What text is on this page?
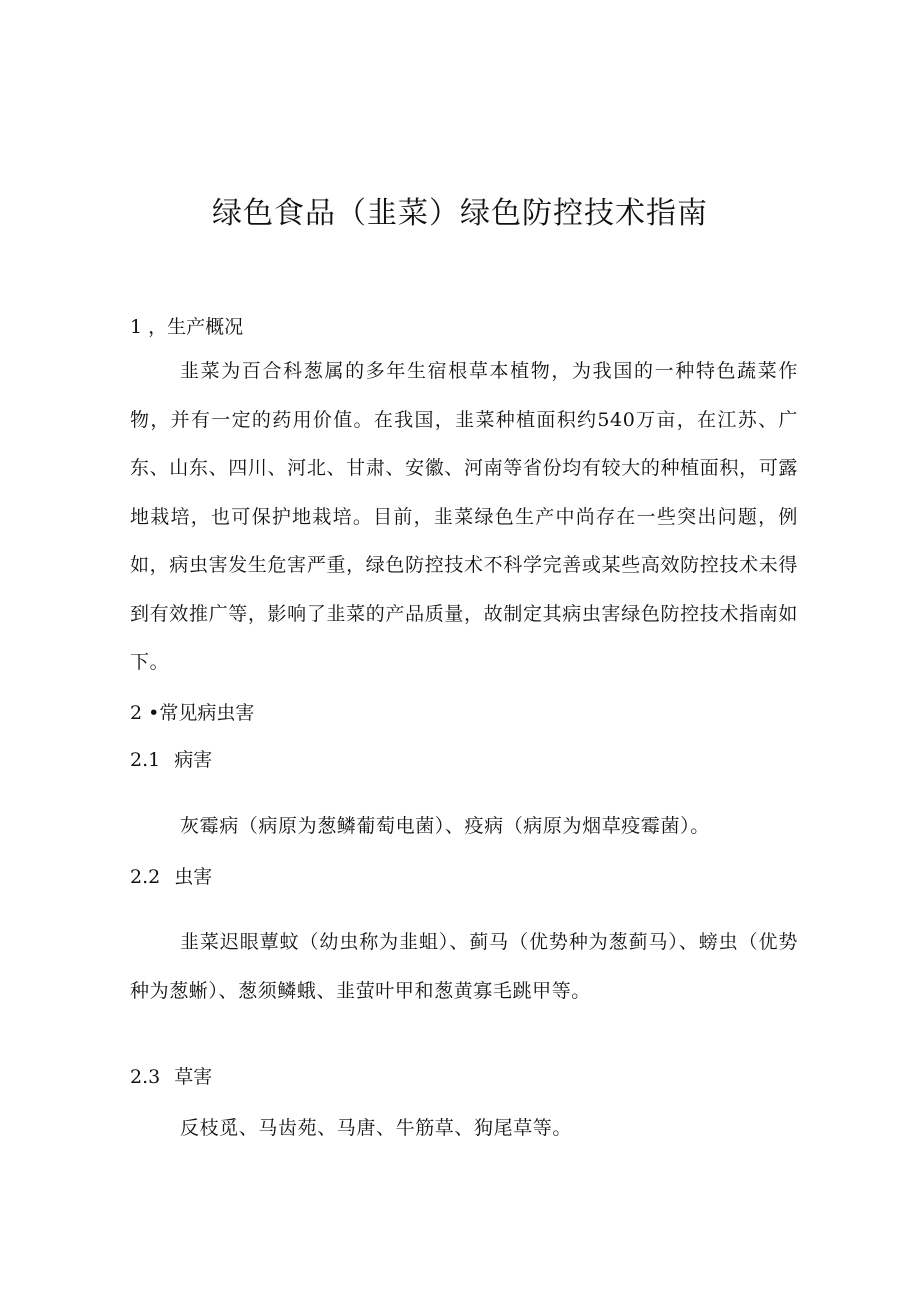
绿色食品（韭菜）绿色防控技术指南
1 ，生产概况
韭菜为百合科葱属的多年生宿根草本植物，为我国的一种特色蔬菜作物，并有一定的药用价值。在我国，韭菜种植面积约540万亩，在江苏、广东、山东、四川、河北、甘肃、安徽、河南等省份均有较大的种植面积，可露地栽培，也可保护地栽培。目前，韭菜绿色生产中尚存在一些突出问题，例如，病虫害发生危害严重，绿色防控技术不科学完善或某些高效防控技术未得到有效推广等，影响了韭菜的产品质量，故制定其病虫害绿色防控技术指南如下。
2 •常见病虫害
2.1 病害
灰霉病（病原为葱鳞葡萄电菌）、疫病（病原为烟草疫霉菌）。
2.2 虫害
韭菜迟眼蕈蚊（幼虫称为韭蛆）、蓟马（优势种为葱蓟马）、螃虫（优势种为葱蜥）、葱须鳞蛾、韭萤叶甲和葱黄寡毛跳甲等。
2.3 草害
反枝觅、马齿苑、马唐、牛筋草、狗尾草等。
